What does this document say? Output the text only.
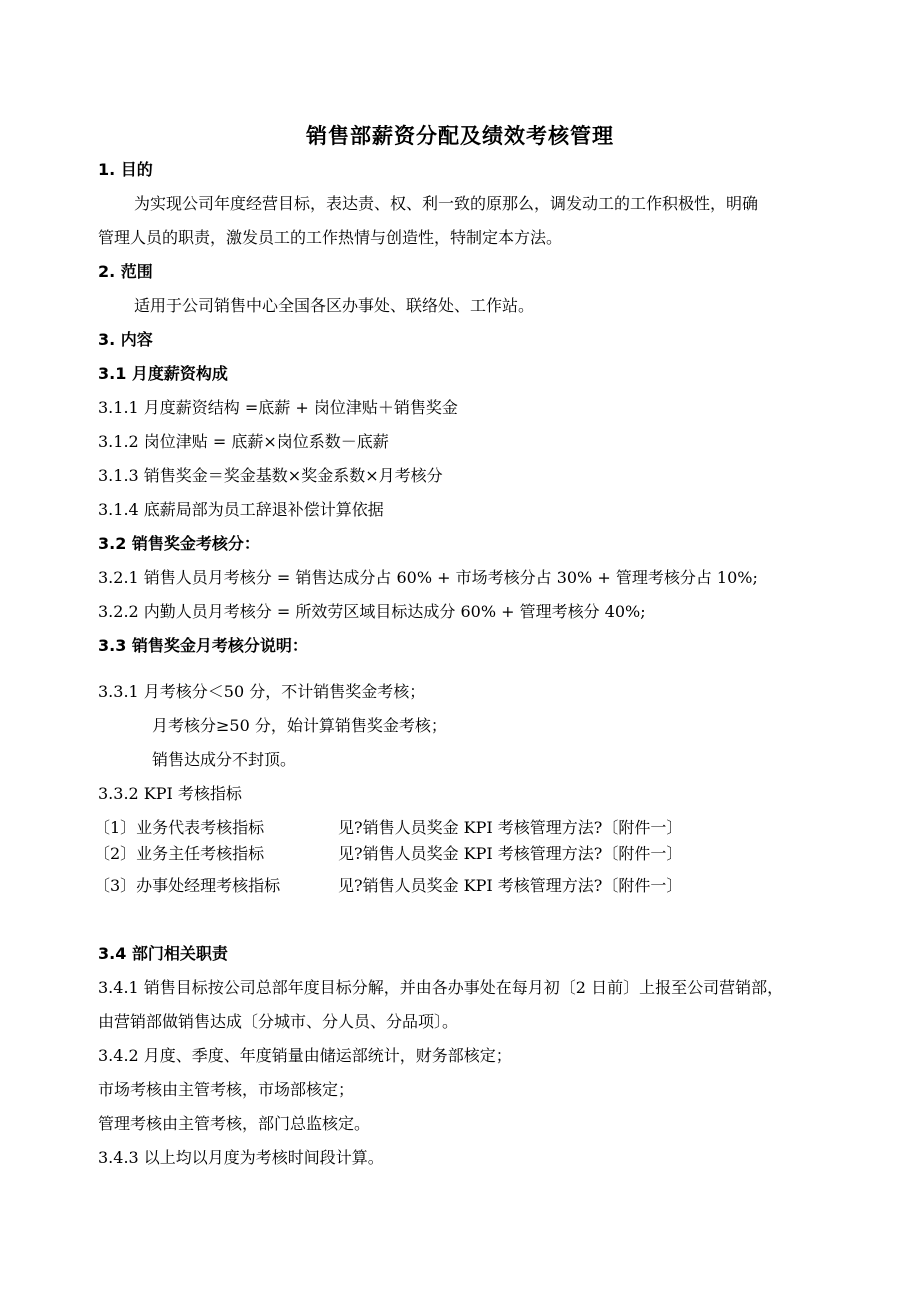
销售部薪资分配及绩效考核管理
1. 目的
为实现公司年度经营目标，表达责、权、利一致的原那么，调发动工的工作积极性，明确
管理人员的职责，激发员工的工作热情与创造性，特制定本方法。
2. 范围
适用于公司销售中心全国各区办事处、联络处、工作站。
3. 内容
3.1 月度薪资构成
3.1.1 月度薪资结构 =底薪 + 岗位津贴＋销售奖金
3.1.2 岗位津贴 = 底薪×岗位系数－底薪
3.1.3 销售奖金＝奖金基数×奖金系数×月考核分
3.1.4 底薪局部为员工辞退补偿计算依据
3.2 销售奖金考核分：
3.2.1 销售人员月考核分 = 销售达成分占 60% + 市场考核分占 30% + 管理考核分占 10%;
3.2.2 内勤人员月考核分 = 所效劳区域目标达成分 60% + 管理考核分 40%;
3.3 销售奖金月考核分说明：
3.3.1 月考核分＜50 分，不计销售奖金考核；
月考核分≥50 分，始计算销售奖金考核；
销售达成分不封顶。
3.3.2 KPI 考核指标
〔1〕业务代表考核指标	见?销售人员奖金 KPI 考核管理方法?〔附件一〕
〔2〕业务主任考核指标	见?销售人员奖金 KPI 考核管理方法?〔附件一〕
〔3〕办事处经理考核指标	见?销售人员奖金 KPI 考核管理方法?〔附件一〕
3.4 部门相关职责
3.4.1 销售目标按公司总部年度目标分解，并由各办事处在每月初〔2 日前〕上报至公司营销部，
由营销部做销售达成〔分城市、分人员、分品项〕。
3.4.2 月度、季度、年度销量由储运部统计，财务部核定；
市场考核由主管考核，市场部核定；
管理考核由主管考核，部门总监核定。
3.4.3 以上均以月度为考核时间段计算。
